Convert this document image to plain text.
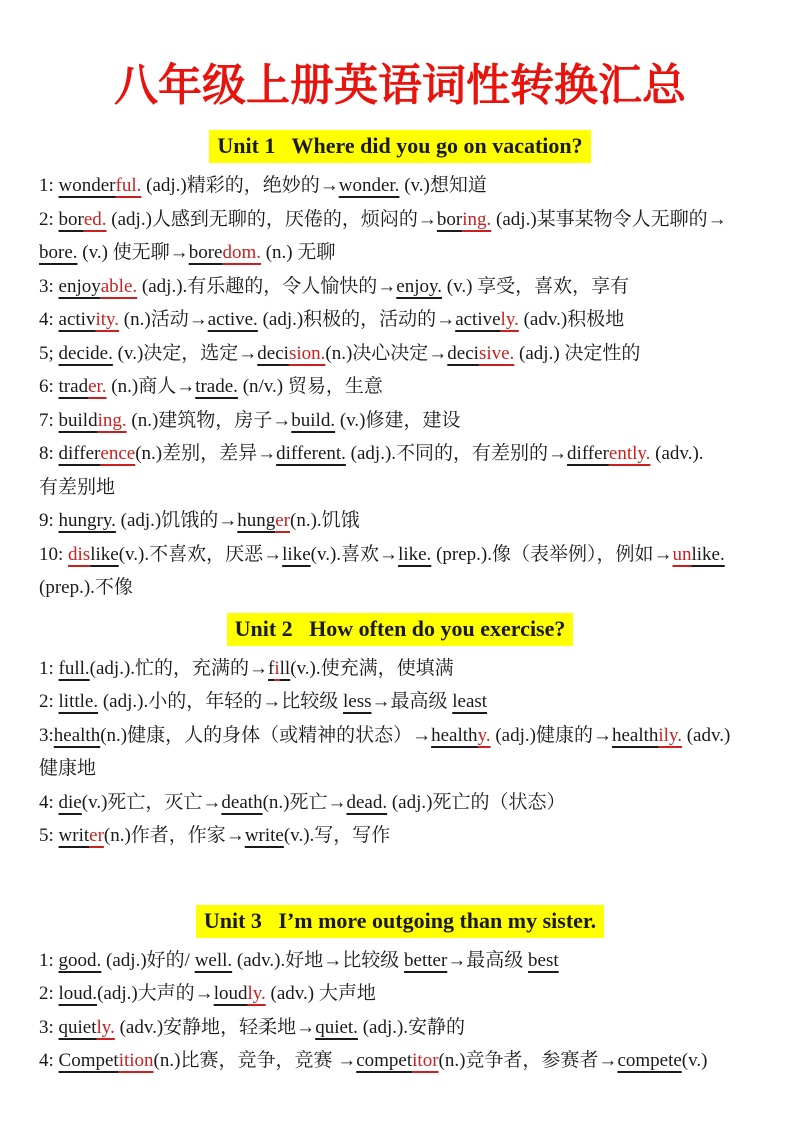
八年级上册英语词性转换汇总
Unit 1   Where did you go on vacation?
1: wonderful. (adj.)精彩的，绝妙的→wonder. (v.)想知道
2: bored. (adj.)人感到无聊的，厌倦的，烦闷的→boring. (adj.)某事某物令人无聊的→
bore. (v.) 使无聊→boredom. (n.) 无聊
3: enjoyable. (adj.).有乐趣的，令人愉快的→enjoy. (v.) 享受，喜欢，享有
4: activity. (n.)活动→active. (adj.)积极的，活动的→actively. (adv.)积极地
5; decide. (v.)决定，选定→decision.(n.)决心决定→decisive. (adj.) 决定性的
6: trader. (n.)商人→trade. (n/v.) 贸易，生意
7: building. (n.)建筑物，房子→build. (v.)修建，建设
8: difference(n.)差别，差异→different. (adj.).不同的，有差别的→differently. (adv.).
有差别地
9: hungry. (adj.)饥饿的→hunger(n.).饥饿
10: dislike(v.).不喜欢，厌恶→like(v.).喜欢→like. (prep.).像（表举例），例如→unlike.
(prep.).不像
Unit 2   How often do you exercise?
1: full.(adj.).忙的，充满的→fill(v.).使充满，使填满
2: little. (adj.).小的，年轻的→比较级 less→最高级 least
3:health(n.)健康，人的身体（或精神的状态）→healthy. (adj.)健康的→healthily. (adv.)
健康地
4: die(v.)死亡，灭亡→death(n.)死亡→dead. (adj.)死亡的（状态）
5: writer(n.)作者，作家→write(v.).写，写作
Unit 3   I’m more outgoing than my sister.
1: good. (adj.)好的/ well. (adv.).好地→比较级 better→最高级 best
2: loud.(adj.)大声的→loudly. (adv.) 大声地
3: quietly. (adv.)安静地，轻柔地→quiet. (adj.).安静的
4: Competition(n.)比赛，竞争，竞赛 →competitor(n.)竞争者，参赛者→compete(v.)
